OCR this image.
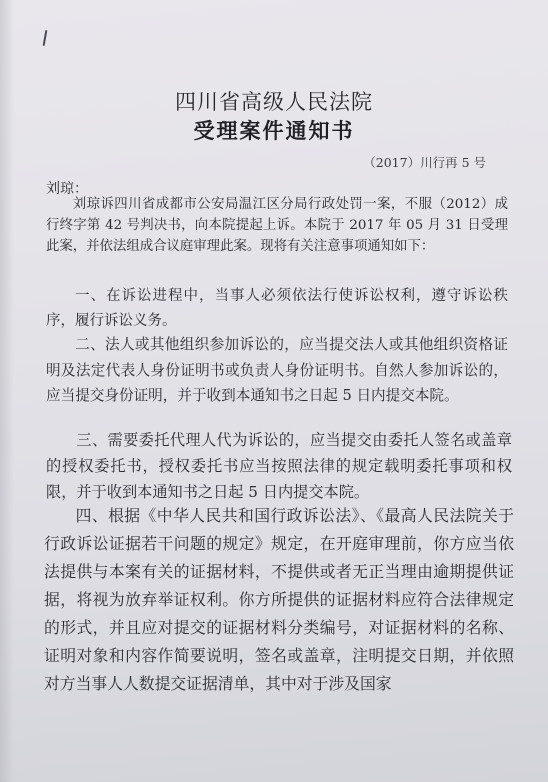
四川省高级人民法院
受理案件通知书
（2017）川行再 5 号
刘琼：

刘琼诉四川省成都市公安局温江区分局行政处罚一案，不服（2012）成行终字第 42 号判决书，向本院提起上诉。本院于 2017 年 05 月 31 日受理此案，并依法组成合议庭审理此案。现将有关注意事项通知如下：

一、在诉讼进程中，当事人必须依法行使诉讼权利，遵守诉讼秩序，履行诉讼义务。

二、法人或其他组织参加诉讼的，应当提交法人或其他组织资格证明及法定代表人身份证明书或负责人身份证明书。自然人参加诉讼的，应当提交身份证明，并于收到本通知书之日起 5 日内提交本院。

三、需要委托代理人代为诉讼的，应当提交由委托人签名或盖章的授权委托书，授权委托书应当按照法律的规定载明委托事项和权限，并于收到本通知书之日起 5 日内提交本院。

四、根据《中华人民共和国行政诉讼法》、《最高人民法院关于行政诉讼证据若干问题的规定》规定，在开庭审理前，你方应当依法提供与本案有关的证据材料，不提供或者无正当理由逾期提供证据，将视为放弃举证权利。你方所提供的证据材料应符合法律规定的形式，并且应对提交的证据材料分类编号，对证据材料的名称、证明对象和内容作简要说明，签名或盖章，注明提交日期，并依照对方当事人人数提交证据清单，其中对于涉及国家
